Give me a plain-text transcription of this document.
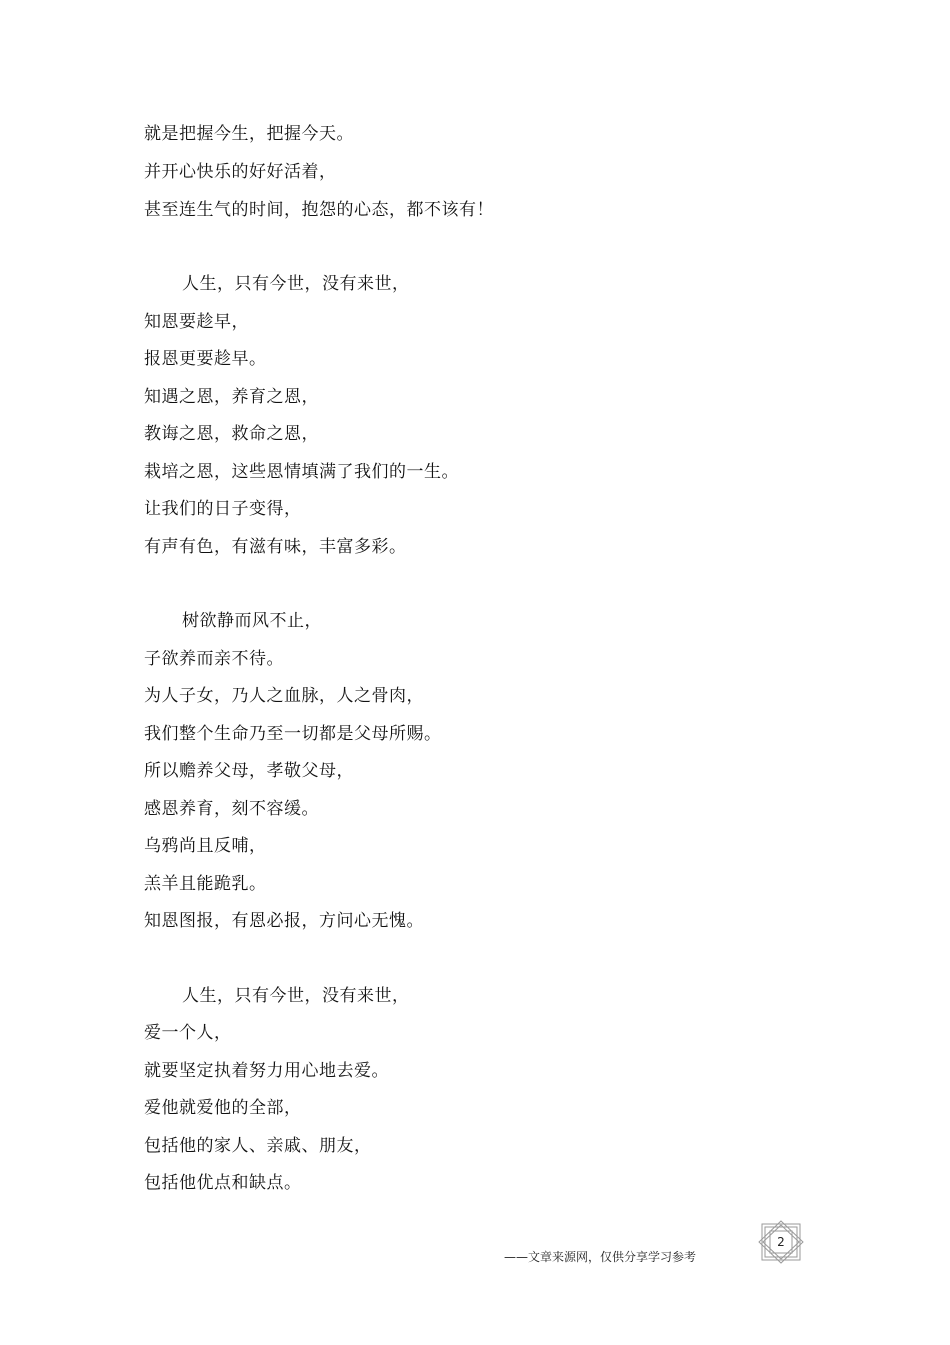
就是把握今生，把握今天。
并开心快乐的好好活着，
甚至连生气的时间，抱怨的心态，都不该有！
人生，只有今世，没有来世，
知恩要趁早，
报恩更要趁早。
知遇之恩，养育之恩，
教诲之恩，救命之恩，
栽培之恩，这些恩情填满了我们的一生。
让我们的日子变得，
有声有色，有滋有味，丰富多彩。
树欲静而风不止，
子欲养而亲不待。
为人子女，乃人之血脉，人之骨肉，
我们整个生命乃至一切都是父母所赐。
所以赡养父母，孝敬父母，
感恩养育，刻不容缓。
乌鸦尚且反哺，
羔羊且能跪乳。
知恩图报，有恩必报，方问心无愧。
人生，只有今世，没有来世，
爱一个人，
就要坚定执着努力用心地去爱。
爱他就爱他的全部，
包括他的家人、亲戚、朋友，
包括他优点和缺点。
——文章来源网，仅供分享学习参考
2
